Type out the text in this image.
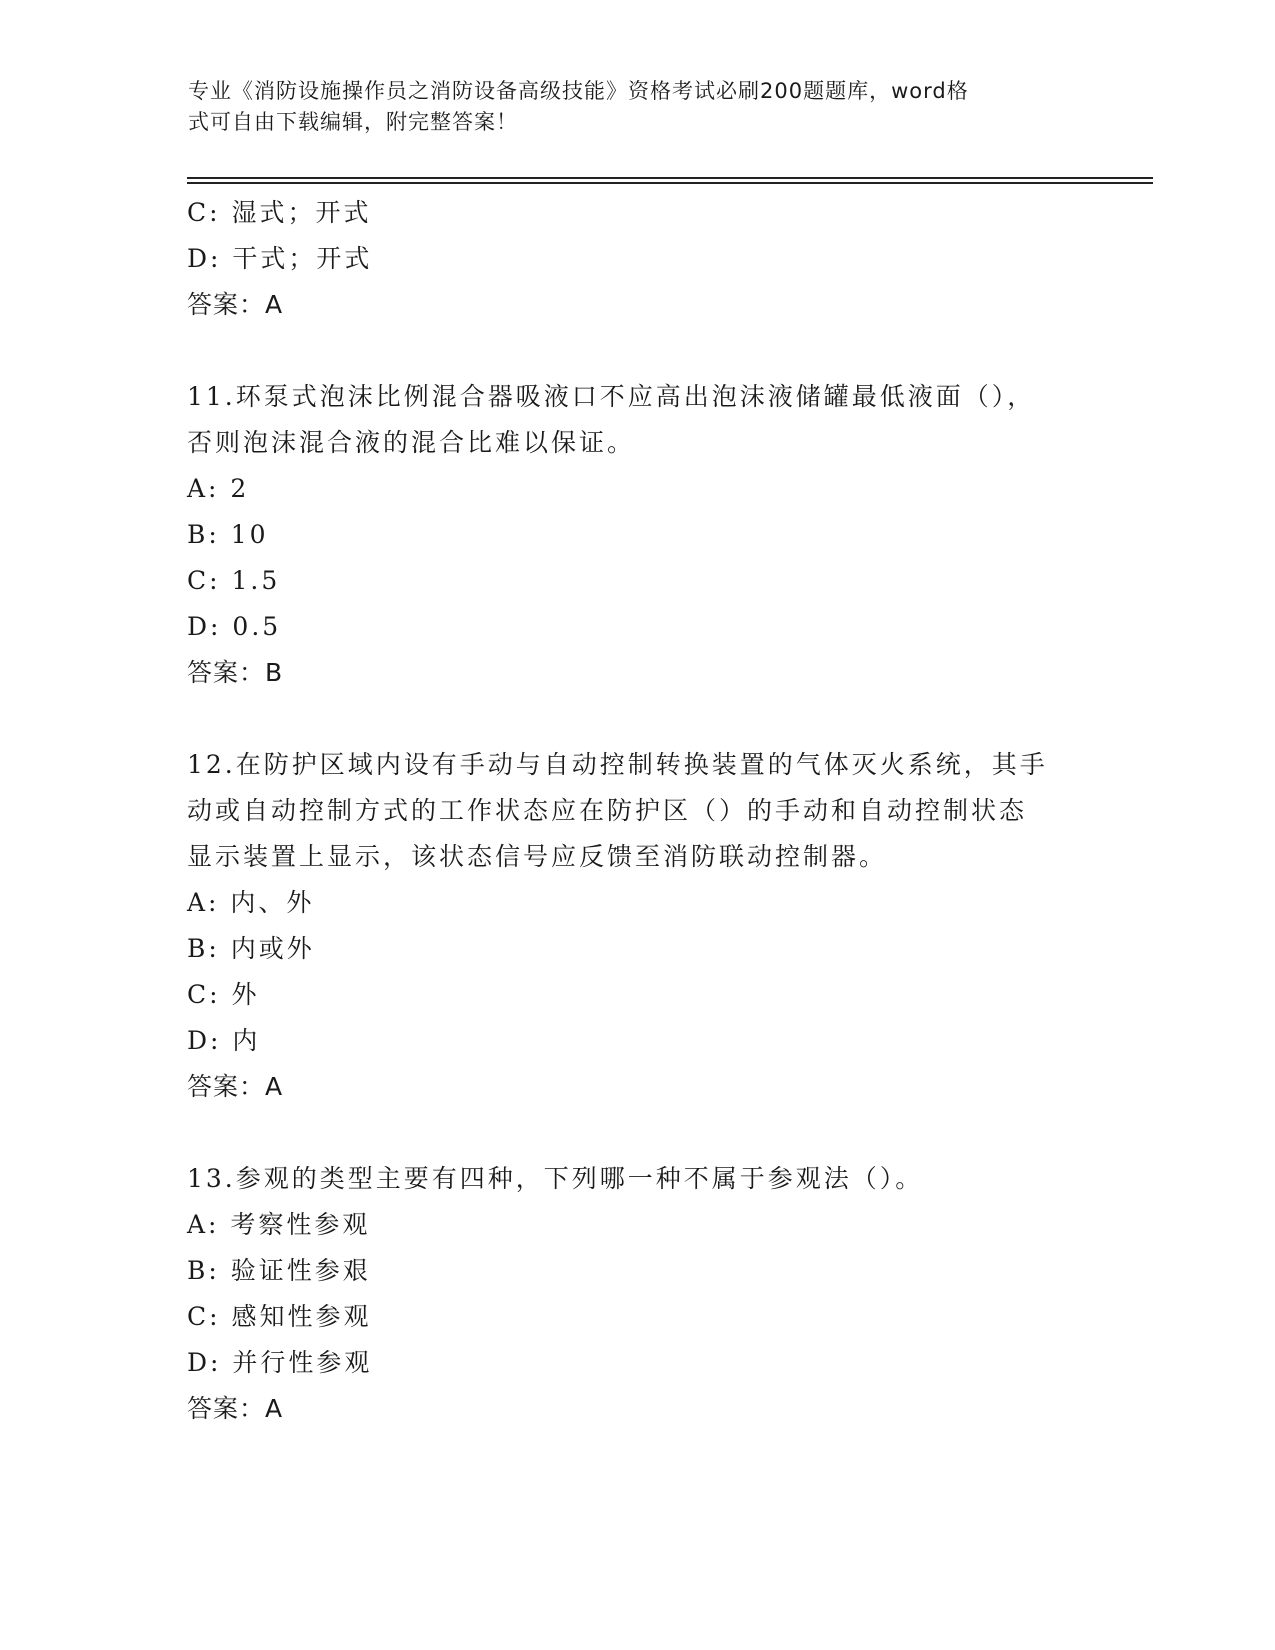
专业《消防设施操作员之消防设备高级技能》资格考试必刷200题题库，word格
式可自由下载编辑，附完整答案！
C: 湿式；开式
D: 干式；开式
答案：A
11.环泵式泡沫比例混合器吸液口不应高出泡沫液储罐最低液面（），
否则泡沫混合液的混合比难以保证。
A: 2
B: 10
C: 1.5
D: 0.5
答案：B
12.在防护区域内设有手动与自动控制转换装置的气体灭火系统，其手
动或自动控制方式的工作状态应在防护区（）的手动和自动控制状态
显示装置上显示，该状态信号应反馈至消防联动控制器。
A: 内、外
B: 内或外
C: 外
D: 内
答案：A
13.参观的类型主要有四种，下列哪一种不属于参观法（）。
A: 考察性参观
B: 验证性参艰
C: 感知性参观
D: 并行性参观
答案：A
